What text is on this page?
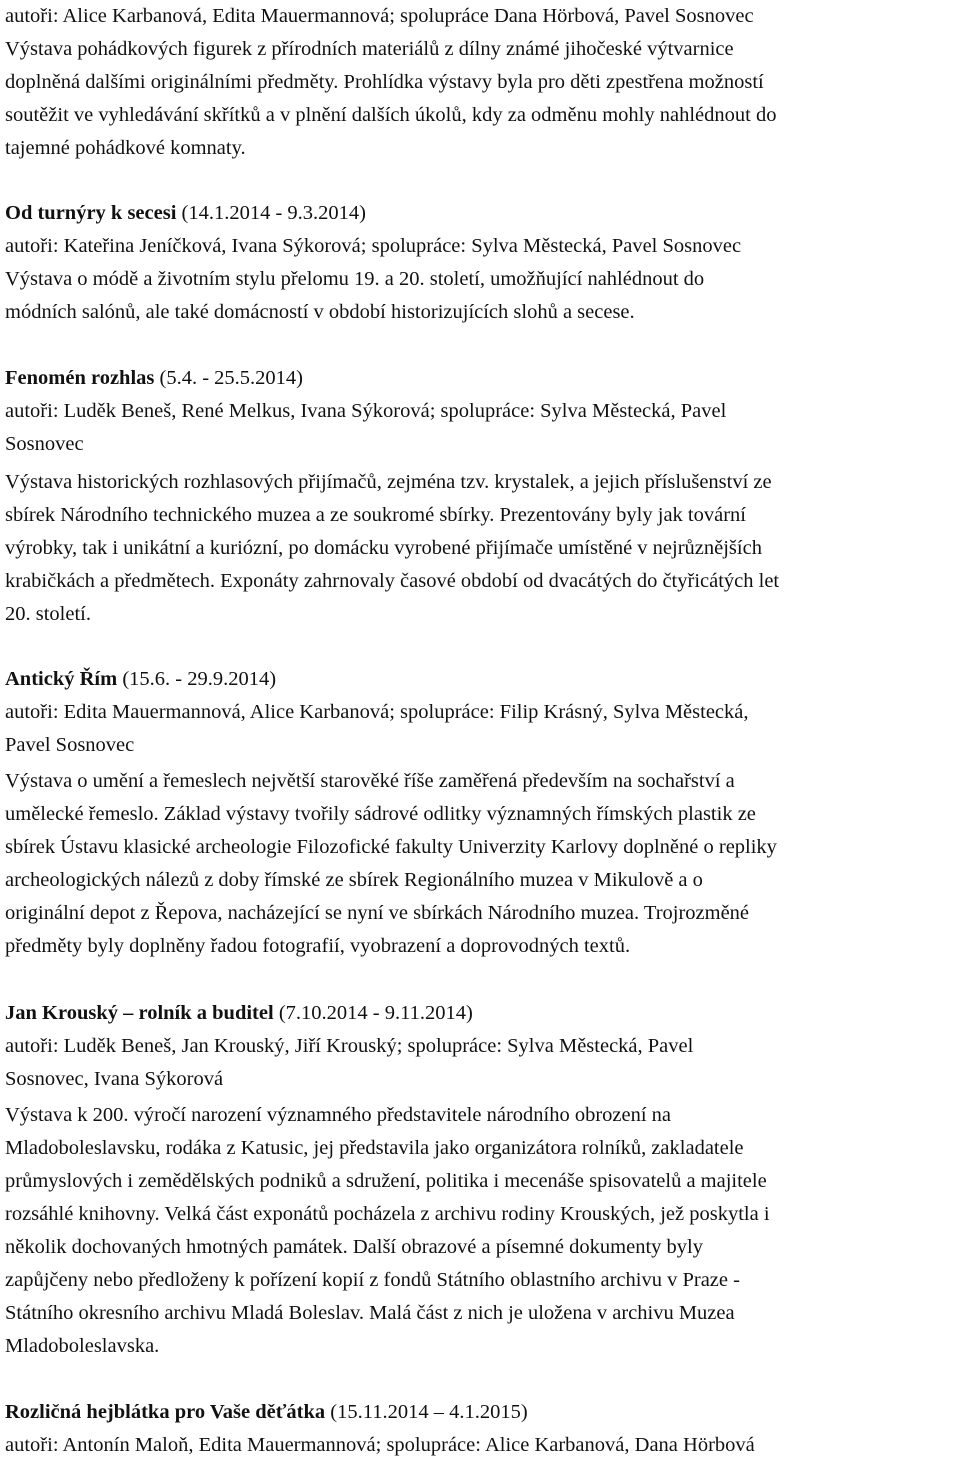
autoři: Alice Karbanová, Edita Mauermannová; spolupráce Dana Hörbová, Pavel Sosnovec
Výstava pohádkových figurek z přírodních materiálů z dílny známé jihočeské výtvarnice
doplněná dalšími originálními předměty. Prohlídka výstavy byla pro děti zpestřena možností
soutěžit ve vyhledávání skřítků a v plnění dalších úkolů, kdy za odměnu mohly nahlédnout do
tajemné pohádkové komnaty.
Od turnýry k secesi (14.1.2014 - 9.3.2014)
autoři: Kateřina Jeníčková, Ivana Sýkorová; spolupráce: Sylva Městecká, Pavel Sosnovec
Výstava o módě a životním stylu přelomu 19. a 20. století, umožňující nahlédnout do
módních salónů, ale také domácností v období historizujících slohů a secese.
Fenomén rozhlas (5.4. - 25.5.2014)
autoři: Luděk Beneš, René Melkus, Ivana Sýkorová; spolupráce: Sylva Městecká, Pavel
Sosnovec
Výstava historických rozhlasových přijímačů, zejména tzv. krystalek, a jejich příslušenství ze
sbírek Národního technického muzea a ze soukromé sbírky. Prezentovány byly jak tovární
výrobky, tak i unikátní a kuriózní, po domácku vyrobené přijímače umístěné v nejrůznějších
krabičkách a předmětech. Exponáty zahrnovaly časové období od dvacátých do čtyřicátých let
20. století.
Antický Řím (15.6. - 29.9.2014)
autoři: Edita Mauermannová, Alice Karbanová; spolupráce: Filip Krásný, Sylva Městecká,
Pavel Sosnovec
Výstava o umění a řemeslech největší starověké říše zaměřená především na sochařství a
umělecké řemeslo. Základ výstavy tvořily sádrové odlitky významných římských plastik ze
sbírek Ústavu klasické archeologie Filozofické fakulty Univerzity Karlovy doplněné o repliky
archeologických nálezů z doby římské ze sbírek Regionálního muzea v Mikulově a o
originální depot z Řepova, nacházející se nyní ve sbírkách Národního muzea. Trojrozměné
předměty byly doplněny řadou fotografií, vyobrazení a doprovodných textů.
Jan Krouský – rolník a buditel (7.10.2014 - 9.11.2014)
autoři: Luděk Beneš, Jan Krouský, Jiří Krouský; spolupráce: Sylva Městecká, Pavel
Sosnovec, Ivana Sýkorová
Výstava k 200. výročí narození významného představitele národního obrození na
Mladoboleslavsku, rodáka z Katusic, jej představila jako organizátora rolníků, zakladatele
průmyslových i zemědělských podniků a sdružení, politika i mecenáše spisovatelů a majitele
rozsáhlé knihovny. Velká část exponátů pocházela z archivu rodiny Krouských, jež poskytla i
několik dochovaných hmotných památek. Další obrazové a písemné dokumenty byly
zapůjčeny nebo předloženy k pořízení kopií z fondů Státního oblastního archivu v Praze -
Státního okresního archivu Mladá Boleslav. Malá část z nich je uložena v archivu Muzea
Mladoboleslavska.
Rozličná hejblátka pro Vaše děťátka (15.11.2014 – 4.1.2015)
autoři: Antonín Maloň, Edita Mauermannová; spolupráce: Alice Karbanová, Dana Hörbová
